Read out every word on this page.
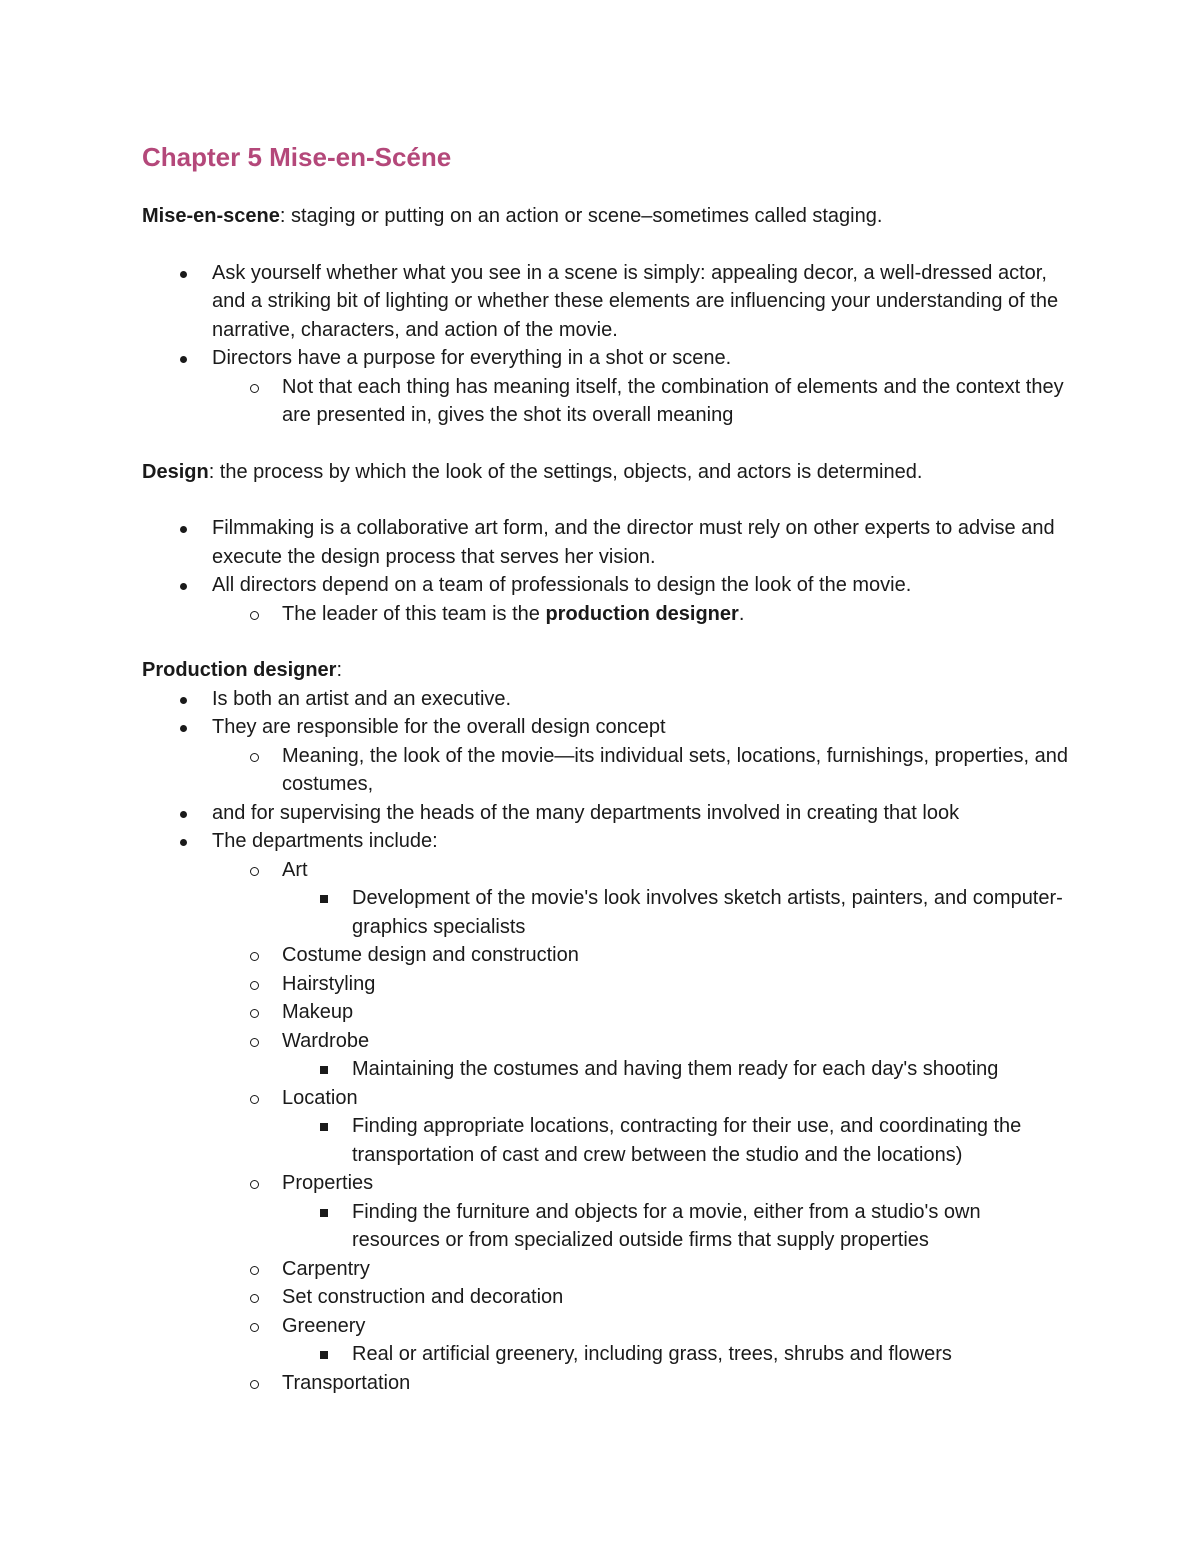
Chapter 5 Mise-en-Scéne

Mise-en-scene: staging or putting on an action or scene–sometimes called staging.

Ask yourself whether what you see in a scene is simply: appealing decor, a well-dressed actor, and a striking bit of lighting or whether these elements are influencing your understanding of the narrative, characters, and action of the movie.
Directors have a purpose for everything in a shot or scene.
Not that each thing has meaning itself, the combination of elements and the context they are presented in, gives the shot its overall meaning

Design: the process by which the look of the settings, objects, and actors is determined.

Filmmaking is a collaborative art form, and the director must rely on other experts to advise and execute the design process that serves her vision.
All directors depend on a team of professionals to design the look of the movie.
The leader of this team is the production designer.

Production designer:

Is both an artist and an executive.
They are responsible for the overall design concept
Meaning, the look of the movie—its individual sets, locations, furnishings, properties, and costumes,
and for supervising the heads of the many departments involved in creating that look
The departments include:
Art
Development of the movie's look involves sketch artists, painters, and computer-graphics specialists
Costume design and construction
Hairstyling
Makeup
Wardrobe
Maintaining the costumes and having them ready for each day's shooting
Location
Finding appropriate locations, contracting for their use, and coordinating the transportation of cast and crew between the studio and the locations)
Properties
Finding the furniture and objects for a movie, either from a studio's own resources or from specialized outside firms that supply properties
Carpentry
Set construction and decoration
Greenery
Real or artificial greenery, including grass, trees, shrubs and flowers
Transportation
